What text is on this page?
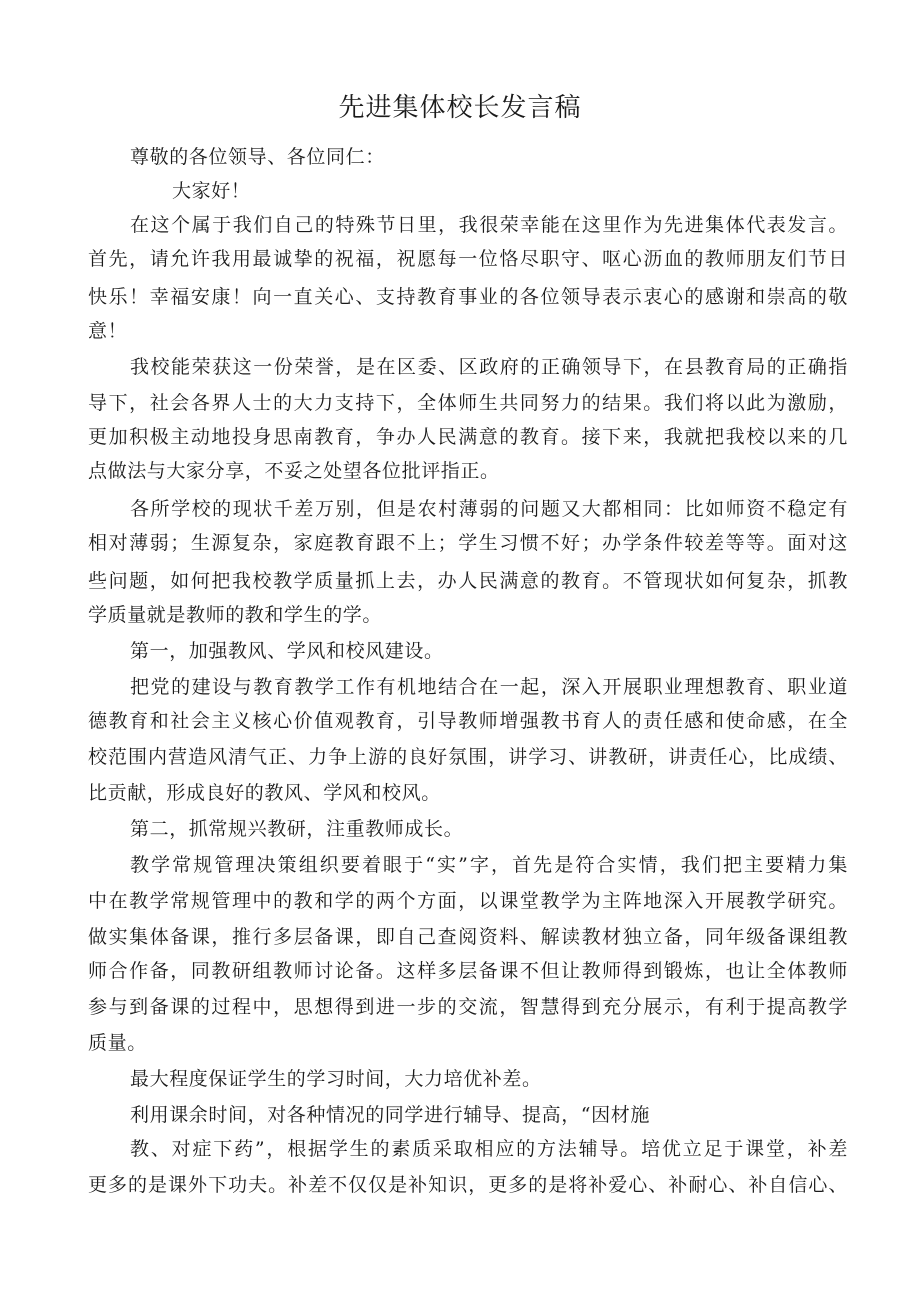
先进集体校长发言稿
尊敬的各位领导、各位同仁：
大家好！
在这个属于我们自己的特殊节日里，我很荣幸能在这里作为先进集体代表发言。
首先，请允许我用最诚挚的祝福，祝愿每一位恪尽职守、呕心沥血的教师朋友们节日
快乐！幸福安康！向一直关心、支持教育事业的各位领导表示衷心的感谢和崇高的敬
意！
我校能荣获这一份荣誉，是在区委、区政府的正确领导下，在县教育局的正确指
导下，社会各界人士的大力支持下，全体师生共同努力的结果。我们将以此为激励，
更加积极主动地投身思南教育，争办人民满意的教育。接下来，我就把我校以来的几
点做法与大家分享，不妥之处望各位批评指正。
各所学校的现状千差万别，但是农村薄弱的问题又大都相同：比如师资不稳定有
相对薄弱；生源复杂，家庭教育跟不上；学生习惯不好；办学条件较差等等。面对这
些问题，如何把我校教学质量抓上去，办人民满意的教育。不管现状如何复杂，抓教
学质量就是教师的教和学生的学。
第一，加强教风、学风和校风建设。
把党的建设与教育教学工作有机地结合在一起，深入开展职业理想教育、职业道
德教育和社会主义核心价值观教育，引导教师增强教书育人的责任感和使命感，在全
校范围内营造风清气正、力争上游的良好氛围，讲学习、讲教研，讲责任心，比成绩、
比贡献，形成良好的教风、学风和校风。
第二，抓常规兴教研，注重教师成长。
教学常规管理决策组织要着眼于“实”字，首先是符合实情，我们把主要精力集
中在教学常规管理中的教和学的两个方面，以课堂教学为主阵地深入开展教学研究。
做实集体备课，推行多层备课，即自己查阅资料、解读教材独立备，同年级备课组教
师合作备，同教研组教师讨论备。这样多层备课不但让教师得到锻炼，也让全体教师
参与到备课的过程中，思想得到进一步的交流，智慧得到充分展示，有利于提高教学
质量。
最大程度保证学生的学习时间，大力培优补差。
利用课余时间，对各种情况的同学进行辅导、提高，“因材施
教、对症下药”，根据学生的素质采取相应的方法辅导。培优立足于课堂，补差
更多的是课外下功夫。补差不仅仅是补知识，更多的是将补爱心、补耐心、补自信心、
